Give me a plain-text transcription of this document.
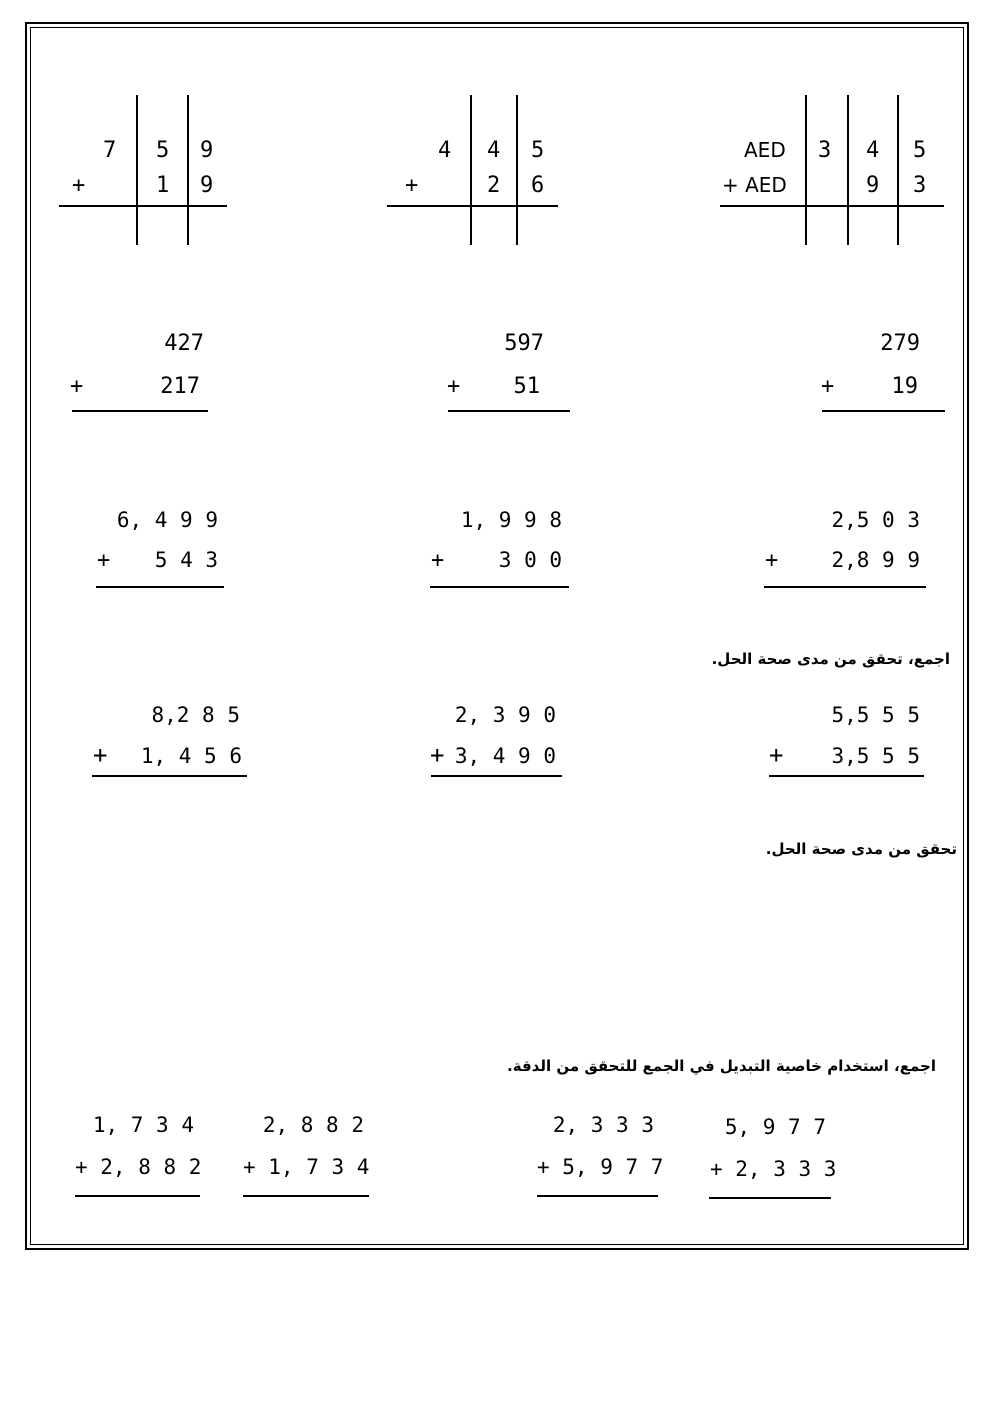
7 5 9
+	1 9
4 4 5
+	2 6
AED 3 4 5
+ AED	9 3
427
+	217
597
+	51
279
+	19
6, 4 9 9
+	5 4 3
1, 9 9 8
+	3 0 0
2,5 0 3
+	2,8 9 9
اجمع، تحقق من مدى صحة الحل.
8,2 8 5
+	1, 4 5 6
2, 3 9 0
+ 3, 4 9 0
5,5 5 5
+	3,5 5 5
تحقق من مدى صحة الحل.
اجمع، استخدام خاصية التبديل في الجمع للتحقق من الدقة.
1, 7 3 4
+ 2, 8 8 2
2, 8 8 2
+ 1, 7 3 4
2, 3 3 3
+ 5, 9 7 7
5, 9 7 7
+ 2, 3 3 3
